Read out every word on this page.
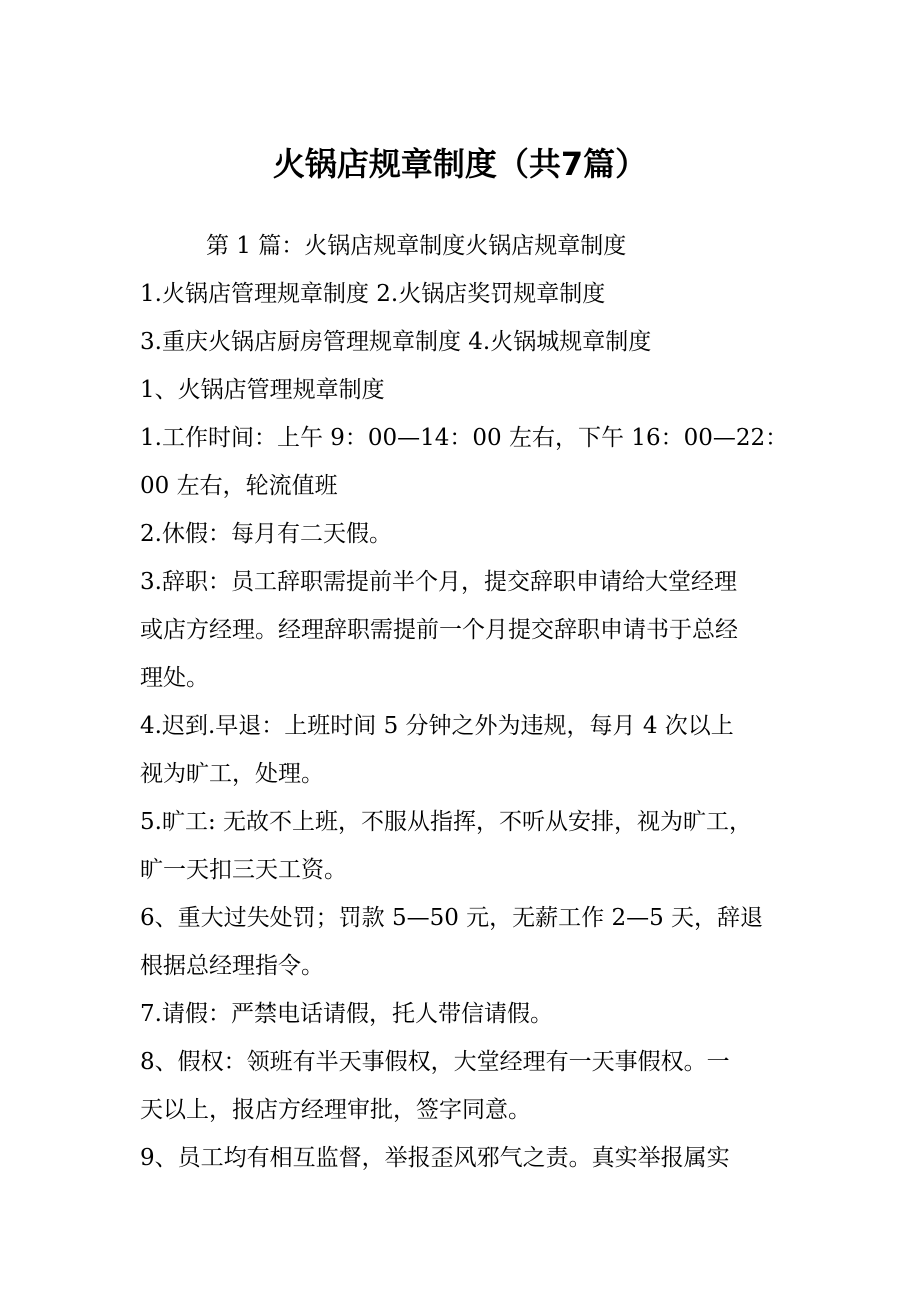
火锅店规章制度（共7篇）

第 1 篇：火锅店规章制度火锅店规章制度

1.火锅店管理规章制度 2.火锅店奖罚规章制度

3.重庆火锅店厨房管理规章制度 4.火锅城规章制度

1、火锅店管理规章制度

1.工作时间：上午 9：00—14：00 左右，下午 16：00—22：

00 左右，轮流值班

2.休假：每月有二天假。

3.辞职：员工辞职需提前半个月，提交辞职申请给大堂经理

或店方经理。经理辞职需提前一个月提交辞职申请书于总经

理处。

4.迟到.早退：上班时间 5 分钟之外为违规，每月 4 次以上

视为旷工，处理。

5.旷工: 无故不上班，不服从指挥，不听从安排，视为旷工，

旷一天扣三天工资。

6、重大过失处罚；罚款 5—50 元，无薪工作 2—5 天，辞退

根据总经理指令。

7.请假：严禁电话请假，托人带信请假。

8、假权：领班有半天事假权，大堂经理有一天事假权。一

天以上，报店方经理审批，签字同意。

9、员工均有相互监督，举报歪风邪气之责。真实举报属实
